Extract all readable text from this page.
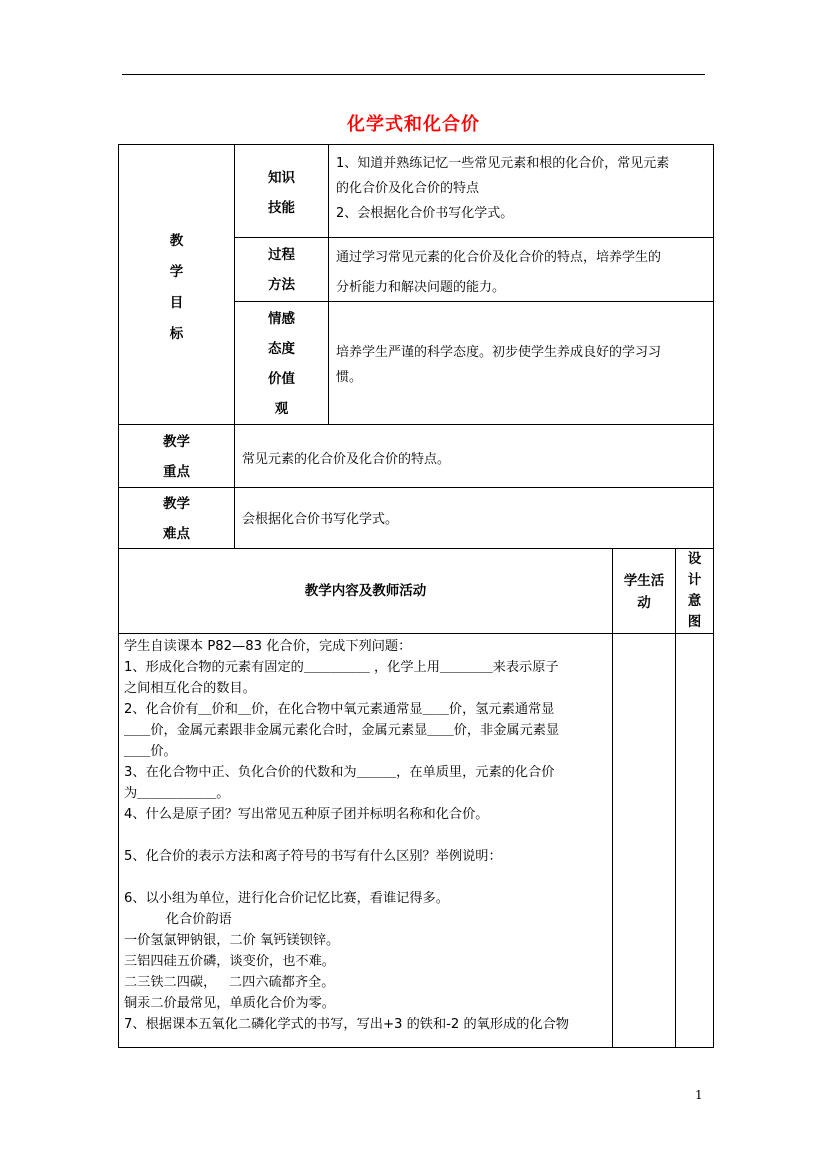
化学式和化合价
教
学
目
标
知识
技能
1、知道并熟练记忆一些常见元素和根的化合价，常见元素
的化合价及化合价的特点
2、会根据化合价书写化学式。
过程
方法
通过学习常见元素的化合价及化合价的特点，培养学生的
分析能力和解决问题的能力。
情感
态度
价值
观
培养学生严谨的科学态度。初步使学生养成良好的学习习
惯。
教学
重点
常见元素的化合价及化合价的特点。
教学
难点
会根据化合价书写化学式。
教学内容及教师活动
学生活
动
设
计
意
图
学生自读课本 P82—83 化合价，完成下列问题：
1、形成化合物的元素有固定的＿＿＿＿＿ ，化学上用＿＿＿＿来表示原子
之间相互化合的数目。
2、化合价有＿价和＿价，在化合物中氧元素通常显＿＿价，氢元素通常显
＿＿价，金属元素跟非金属元素化合时，金属元素显＿＿价，非金属元素显
＿＿价。
3、在化合物中正、负化合价的代数和为＿＿＿，在单质里，元素的化合价
为＿＿＿＿＿＿。
4、什么是原子团？写出常见五种原子团并标明名称和化合价。
5、化合价的表示方法和离子符号的书写有什么区别？举例说明：
6、以小组为单位，进行化合价记忆比赛，看谁记得多。
化合价韵语
一价氢氯钾钠银，二价 氧钙镁钡锌。
三铝四硅五价磷，谈变价，也不难。
二三铁二四碳，   二四六硫都齐全。
铜汞二价最常见，单质化合价为零。
7、根据课本五氧化二磷化学式的书写，写出+3 的铁和-2 的氧形成的化合物
1
